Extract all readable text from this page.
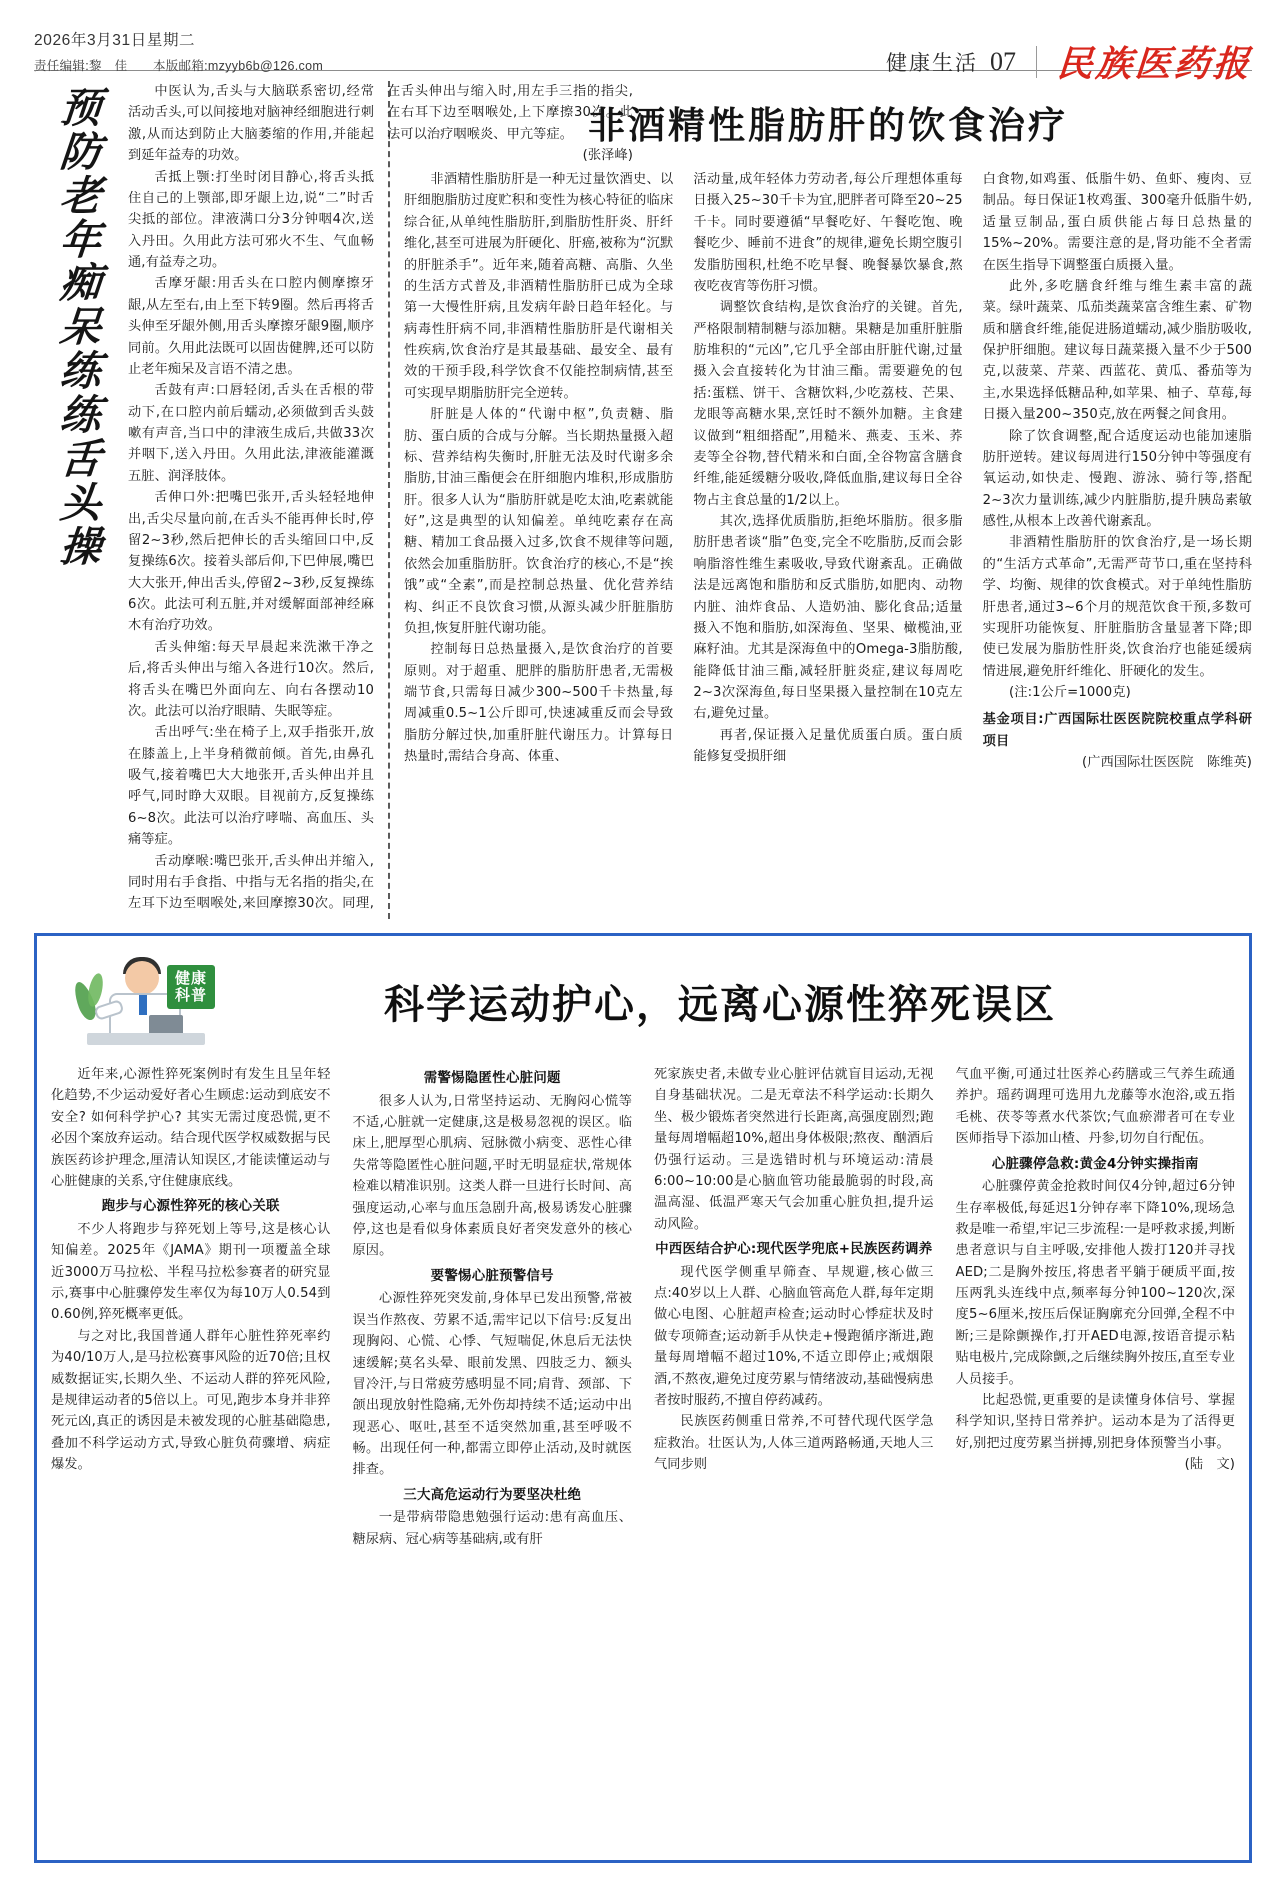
2026年3月31日星期二
责任编辑:黎　佳 本版邮箱:mzyyb6b@126.com	健康生活 07 民族医药报
预
防
老
年
痴
呆
练
练
舌
头
操

中医认为,舌头与大脑联系密切,经常活动舌头,可以间接地对脑神经细胞进行刺激,从而达到防止大脑萎缩的作用,并能起到延年益寿的功效。

舌抵上颚:打坐时闭目静心,将舌头抵住自己的上颚部,即牙龈上边,说“二”时舌尖抵的部位。津液满口分3分钟咽4次,送入丹田。久用此方法可邪火不生、气血畅通,有益寿之功。

舌摩牙龈:用舌头在口腔内侧摩擦牙龈,从左至右,由上至下转9圈。然后再将舌头伸至牙龈外侧,用舌头摩擦牙龈9圈,顺序同前。久用此法既可以固齿健脾,还可以防止老年痴呆及言语不清之患。

舌鼓有声:口唇轻闭,舌头在舌根的带动下,在口腔内前后蠕动,必须做到舌头鼓嗽有声音,当口中的津液生成后,共做33次并咽下,送入丹田。久用此法,津液能灌溉五脏、润泽肢体。

舌伸口外:把嘴巴张开,舌头轻轻地伸出,舌尖尽量向前,在舌头不能再伸长时,停留2~3秒,然后把伸长的舌头缩回口中,反复操练6次。接着头部后仰,下巴伸展,嘴巴大大张开,伸出舌头,停留2~3秒,反复操练6次。此法可利五脏,并对缓解面部神经麻木有治疗功效。

舌头伸缩:每天早晨起来洗漱干净之后,将舌头伸出与缩入各进行10次。然后,将舌头在嘴巴外面向左、向右各摆动10次。此法可以治疗眼睛、失眠等症。

舌出呼气:坐在椅子上,双手指张开,放在膝盖上,上半身稍微前倾。首先,由鼻孔吸气,接着嘴巴大大地张开,舌头伸出并且呼气,同时睁大双眼。目视前方,反复操练6~8次。此法可以治疗哮喘、高血压、头痛等症。

舌动摩喉:嘴巴张开,舌头伸出并缩入,同时用右手食指、中指与无名指的指尖,在左耳下边至咽喉处,来回摩擦30次。同理,在舌头伸出与缩入时,用左手三指的指尖,在右耳下边至咽喉处,上下摩擦30次。此法可以治疗咽喉炎、甲亢等症。

(张泽峰)

非酒精性脂肪肝的饮食治疗

非酒精性脂肪肝是一种无过量饮酒史、以肝细胞脂肪过度贮积和变性为核心特征的临床综合征,从单纯性脂肪肝,到脂肪性肝炎、肝纤维化,甚至可进展为肝硬化、肝癌,被称为“沉默的肝脏杀手”。近年来,随着高糖、高脂、久坐的生活方式普及,非酒精性脂肪肝已成为全球第一大慢性肝病,且发病年龄日趋年轻化。与病毒性肝病不同,非酒精性脂肪肝是代谢相关性疾病,饮食治疗是其最基础、最安全、最有效的干预手段,科学饮食不仅能控制病情,甚至可实现早期脂肪肝完全逆转。

肝脏是人体的“代谢中枢”,负责糖、脂肪、蛋白质的合成与分解。当长期热量摄入超标、营养结构失衡时,肝脏无法及时代谢多余脂肪,甘油三酯便会在肝细胞内堆积,形成脂肪肝。很多人认为“脂肪肝就是吃太油,吃素就能好”,这是典型的认知偏差。单纯吃素存在高糖、精加工食品摄入过多,饮食不规律等问题,依然会加重脂肪肝。饮食治疗的核心,不是“挨饿”或“全素”,而是控制总热量、优化营养结构、纠正不良饮食习惯,从源头减少肝脏脂肪负担,恢复肝脏代谢功能。

控制每日总热量摄入,是饮食治疗的首要原则。对于超重、肥胖的脂肪肝患者,无需极端节食,只需每日减少300~500千卡热量,每周减重0.5~1公斤即可,快速减重反而会导致脂肪分解过快,加重肝脏代谢压力。计算每日热量时,需结合身高、体重、

活动量,成年轻体力劳动者,每公斤理想体重每日摄入25~30千卡为宜,肥胖者可降至20~25千卡。同时要遵循“早餐吃好、午餐吃饱、晚餐吃少、睡前不进食”的规律,避免长期空腹引发脂肪囤积,杜绝不吃早餐、晚餐暴饮暴食,熬夜吃夜宵等伤肝习惯。

调整饮食结构,是饮食治疗的关键。首先,严格限制精制糖与添加糖。果糖是加重肝脏脂肪堆积的“元凶”,它几乎全部由肝脏代谢,过量摄入会直接转化为甘油三酯。需要避免的包括:蛋糕、饼干、含糖饮料,少吃荔枝、芒果、龙眼等高糖水果,烹饪时不额外加糖。主食建议做到“粗细搭配”,用糙米、燕麦、玉米、荞麦等全谷物,替代精米和白面,全谷物富含膳食纤维,能延缓糖分吸收,降低血脂,建议每日全谷物占主食总量的1/2以上。

其次,选择优质脂肪,拒绝坏脂肪。很多脂肪肝患者谈“脂”色变,完全不吃脂肪,反而会影响脂溶性维生素吸收,导致代谢紊乱。正确做法是远离饱和脂肪和反式脂肪,如肥肉、动物内脏、油炸食品、人造奶油、膨化食品;适量摄入不饱和脂肪,如深海鱼、坚果、橄榄油,亚麻籽油。尤其是深海鱼中的Omega-3脂肪酸,能降低甘油三酯,减轻肝脏炎症,建议每周吃2~3次深海鱼,每日坚果摄入量控制在10克左右,避免过量。

再者,保证摄入足量优质蛋白质。蛋白质能修复受损肝细

白食物,如鸡蛋、低脂牛奶、鱼虾、瘦肉、豆制品。每日保证1枚鸡蛋、300毫升低脂牛奶,适量豆制品,蛋白质供能占每日总热量的15%~20%。需要注意的是,肾功能不全者需在医生指导下调整蛋白质摄入量。

此外,多吃膳食纤维与维生素丰富的蔬菜。绿叶蔬菜、瓜茄类蔬菜富含维生素、矿物质和膳食纤维,能促进肠道蠕动,减少脂肪吸收,保护肝细胞。建议每日蔬菜摄入量不少于500克,以菠菜、芹菜、西蓝花、黄瓜、番茄等为主,水果选择低糖品种,如苹果、柚子、草莓,每日摄入量200~350克,放在两餐之间食用。

除了饮食调整,配合适度运动也能加速脂肪肝逆转。建议每周进行150分钟中等强度有氧运动,如快走、慢跑、游泳、骑行等,搭配2~3次力量训练,减少内脏脂肪,提升胰岛素敏感性,从根本上改善代谢紊乱。

非酒精性脂肪肝的饮食治疗,是一场长期的“生活方式革命”,无需严苛节口,重在坚持科学、均衡、规律的饮食模式。对于单纯性脂肪肝患者,通过3~6个月的规范饮食干预,多数可实现肝功能恢复、肝脏脂肪含量显著下降;即使已发展为脂肪性肝炎,饮食治疗也能延缓病情进展,避免肝纤维化、肝硬化的发生。

(注:1公斤=1000克)

基金项目:广西国际壮医医院院校重点学科研项目

(广西国际壮医医院　陈维英)

健康
科普	科学运动护心，远离心源性猝死误区

近年来,心源性猝死案例时有发生且呈年轻化趋势,不少运动爱好者心生顾虑:运动到底安不安全? 如何科学护心? 其实无需过度恐慌,更不必因个案放弃运动。结合现代医学权威数据与民族医药诊护理念,厘清认知误区,才能读懂运动与心脏健康的关系,守住健康底线。

跑步与心源性猝死的核心关联

不少人将跑步与猝死划上等号,这是核心认知偏差。2025年《JAMA》期刊一项覆盖全球近3000万马拉松、半程马拉松参赛者的研究显示,赛事中心脏骤停发生率仅为每10万人0.54到0.60例,猝死概率更低。

与之对比,我国普通人群年心脏性猝死率约为40/10万人,是马拉松赛事风险的近70倍;且权威数据证实,长期久坐、不运动人群的猝死风险,是规律运动者的5倍以上。可见,跑步本身并非猝死元凶,真正的诱因是未被发现的心脏基础隐患,叠加不科学运动方式,导致心脏负荷骤增、病症爆发。

需警惕隐匿性心脏问题

很多人认为,日常坚持运动、无胸闷心慌等不适,心脏就一定健康,这是极易忽视的误区。临床上,肥厚型心肌病、冠脉微小病变、恶性心律失常等隐匿性心脏问题,平时无明显症状,常规体检难以精准识别。这类人群一旦进行长时间、高强度运动,心率与血压急剧升高,极易诱发心脏骤停,这也是看似身体素质良好者突发意外的核心原因。

要警惕心脏预警信号

心源性猝死突发前,身体早已发出预警,常被误当作熬夜、劳累不适,需牢记以下信号:反复出现胸闷、心慌、心悸、气短喘促,休息后无法快速缓解;莫名头晕、眼前发黑、四肢乏力、额头冒冷汗,与日常疲劳感明显不同;肩背、颈部、下颌出现放射性隐痛,无外伤却持续不适;运动中出现恶心、呕吐,甚至不适突然加重,甚至呼吸不畅。出现任何一种,都需立即停止活动,及时就医排查。

三大高危运动行为要坚决杜绝

一是带病带隐患勉强行运动:患有高血压、糖尿病、冠心病等基础病,或有肝

死家族史者,未做专业心脏评估就盲目运动,无视自身基础状况。二是无章法不科学运动:长期久坐、极少锻炼者突然进行长距离,高强度剧烈;跑量每周增幅超10%,超出身体极限;熬夜、酗酒后仍强行运动。三是选错时机与环境运动:清晨6:00~10:00是心脑血管功能最脆弱的时段,高温高湿、低温严寒天气会加重心脏负担,提升运动风险。

中西医结合护心:现代医学兜底+民族医药调养

现代医学侧重早筛查、早规避,核心做三点:40岁以上人群、心脑血管高危人群,每年定期做心电图、心脏超声检查;运动时心悸症状及时做专项筛查;运动新手从快走+慢跑循序渐进,跑量每周增幅不超过10%,不适立即停止;戒烟限酒,不熬夜,避免过度劳累与情绪波动,基础慢病患者按时服药,不擅自停药减药。

民族医药侧重日常养,不可替代现代医学急症救治。壮医认为,人体三道两路畅通,天地人三气同步则

气血平衡,可通过壮医养心药膳或三气养生疏通养护。瑶药调理可选用九龙藤等水泡浴,或五指毛桃、茯苓等煮水代茶饮;气血瘀滞者可在专业医师指导下添加山楂、丹参,切勿自行配伍。

心脏骤停急救:黄金4分钟实操指南

心脏骤停黄金抢救时间仅4分钟,超过6分钟生存率极低,每延迟1分钟存率下降10%,现场急救是唯一希望,牢记三步流程:一是呼救求援,判断患者意识与自主呼吸,安排他人拨打120并寻找AED;二是胸外按压,将患者平躺于硬质平面,按压两乳头连线中点,频率每分钟100~120次,深度5~6厘米,按压后保证胸廓充分回弹,全程不中断;三是除颤操作,打开AED电源,按语音提示粘贴电极片,完成除颤,之后继续胸外按压,直至专业人员接手。

比起恐慌,更重要的是读懂身体信号、掌握科学知识,坚持日常养护。运动本是为了活得更好,别把过度劳累当拼搏,别把身体预警当小事。

(陆　文)
